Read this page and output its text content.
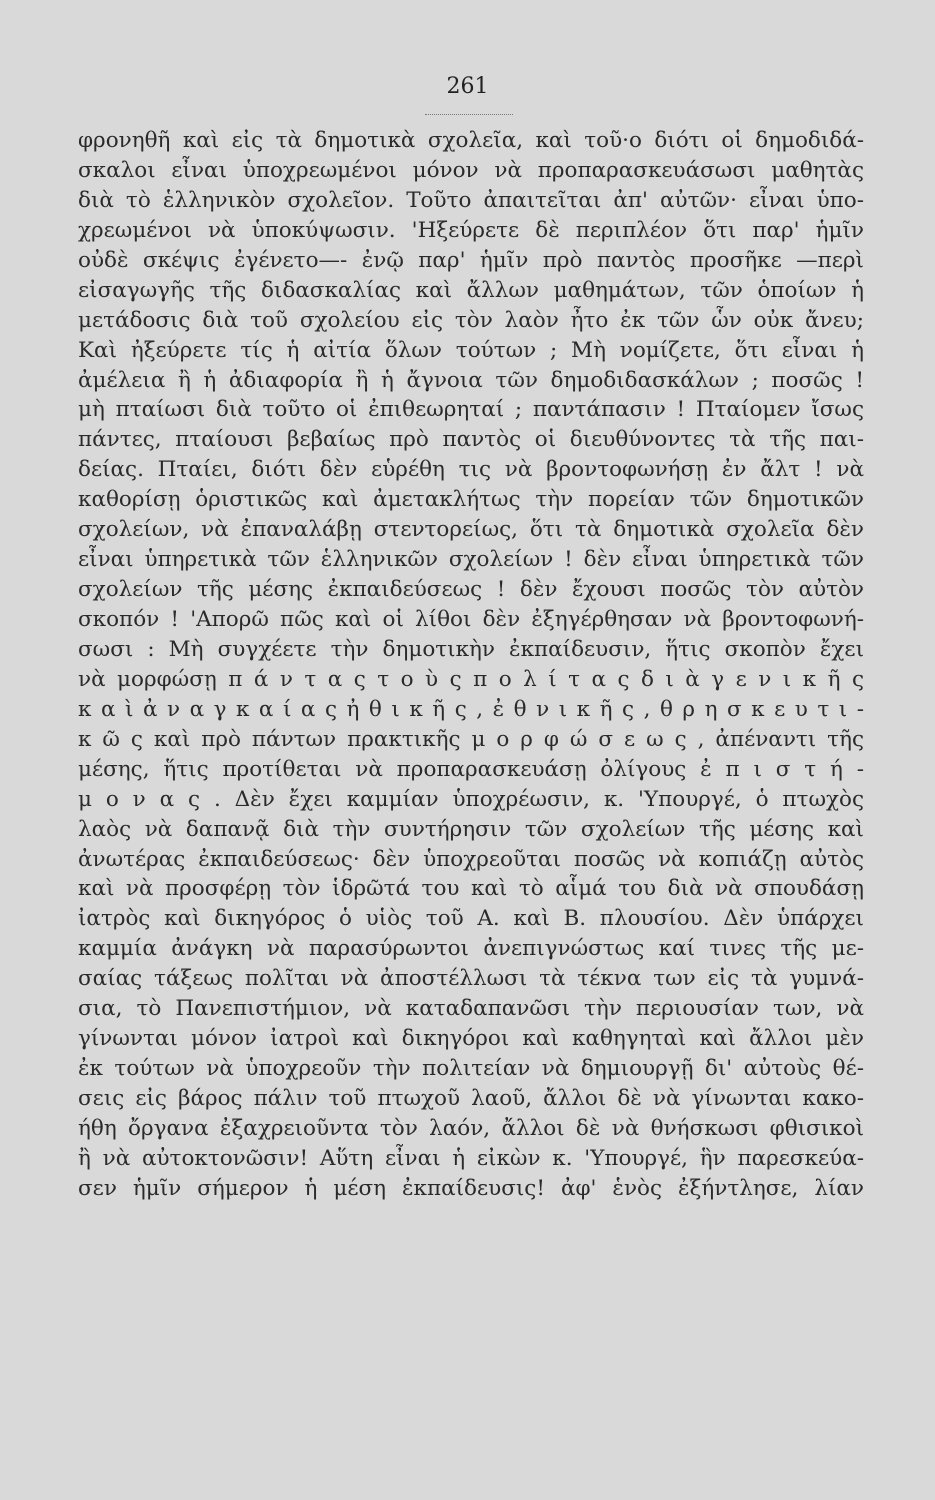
261
φρονηθῆ καὶ εἰς τὰ δημοτικὰ σχολεῖα, καὶ τοῦ·ο διότι οἱ δημοδιδά-
σκαλοι εἶναι ὑποχρεωμένοι μόνον νὰ προπαρασκευάσωσι μαθητὰς
διὰ τὸ ἑλληνικὸν σχολεῖον. Τοῦτο ἀπαιτεῖται ἀπ' αὐτῶν· εἶναι ὑπο-
χρεωμένοι νὰ ὑποκύψωσιν. 'Ηξεύρετε δὲ περιπλέον ὅτι παρ' ἡμῖν
οὐδὲ σκέψις ἐγένετο—- ἐνῷ παρ' ἡμῖν πρὸ παντὸς προσῆκε —περὶ
εἰσαγωγῆς τῆς διδασκαλίας καὶ ἄλλων μαθημάτων, τῶν ὁποίων ἡ
μετάδοσις διὰ τοῦ σχολείου εἰς τὸν λαὸν ἦτο ἐκ τῶν ὧν οὐκ ἄνευ;
Καὶ ἠξεύρετε τίς ἡ αἰτία ὅλων τούτων ; Μὴ νομίζετε, ὅτι εἶναι ἡ
ἀμέλεια ἢ ἡ ἀδιαφορία ἢ ἡ ἄγνοια τῶν δημοδιδασκάλων ; ποσῶς !
μὴ πταίωσι διὰ τοῦτο οἱ ἐπιθεωρηταί ; παντάπασιν ! Πταίομεν ἴσως
πάντες, πταίουσι βεβαίως πρὸ παντὸς οἱ διευθύνοντες τὰ τῆς παι-
δείας. Πταίει, διότι δὲν εὑρέθη τις νὰ βροντοφωνήσῃ ἐν ἄλτ ! νὰ
καθορίσῃ ὁριστικῶς καὶ ἀμετακλήτως τὴν πορείαν τῶν δημοτικῶν
σχολείων, νὰ ἐπαναλάβῃ στεντορείως, ὅτι τὰ δημοτικὰ σχολεῖα δὲν
εἶναι ὑπηρετικὰ τῶν ἑλληνικῶν σχολείων ! δὲν εἶναι ὑπηρετικὰ τῶν
σχολείων τῆς μέσης ἐκπαιδεύσεως ! δὲν ἔχουσι ποσῶς τὸν αὐτὸν
σκοπόν ! 'Απορῶ πῶς καὶ οἱ λίθοι δὲν ἐξηγέρθησαν νὰ βροντοφωνή-
σωσι : Μὴ συγχέετε τὴν δημοτικὴν ἐκπαίδευσιν, ἥτις σκοπὸν ἔχει
νὰ μορφώσῃ π ά ν τ α ς τ ο ὺ ς π ο λ ί τ α ς δ ι ὰ γ ε ν ι κ ῆ ς
κ α ὶ ἀ ν α γ κ α ί α ς ἠ θ ι κ ῆ ς , ἐ θ ν ι κ ῆ ς , θ ρ η σ κ ε υ τ ι -
κ ῶ ς καὶ πρὸ πάντων πρακτικῆς μ ο ρ φ ώ σ ε ω ς , ἀπέναντι τῆς
μέσης, ἥτις προτίθεται νὰ προπαρασκευάσῃ ὀλίγους ἐ π ι σ τ ή -
μ ο ν α ς . Δὲν ἔχει καμμίαν ὑποχρέωσιν, κ. 'Υπουργέ, ὁ πτωχὸς
λαὸς νὰ δαπανᾷ διὰ τὴν συντήρησιν τῶν σχολείων τῆς μέσης καὶ
ἀνωτέρας ἐκπαιδεύσεως· δὲν ὑποχρεοῦται ποσῶς νὰ κοπιάζῃ αὐτὸς
καὶ νὰ προσφέρῃ τὸν ἱδρῶτά του καὶ τὸ αἷμά του διὰ νὰ σπουδάσῃ
ἰατρὸς καὶ δικηγόρος ὁ υἱὸς τοῦ Α. καὶ Β. πλουσίου. Δὲν ὑπάρχει
καμμία ἀνάγκη νὰ παρασύρωντοι ἀνεπιγνώστως καί τινες τῆς με-
σαίας τάξεως πολῖται νὰ ἀποστέλλωσι τὰ τέκνα των εἰς τὰ γυμνά-
σια, τὸ Πανεπιστήμιον, νὰ καταδαπανῶσι τὴν περιουσίαν των, νὰ
γίνωνται μόνον ἰατροὶ καὶ δικηγόροι καὶ καθηγηταὶ καὶ ἄλλοι μὲν
ἐκ τούτων νὰ ὑποχρεοῦν τὴν πολιτείαν νὰ δημιουργῇ δι' αὐτοὺς θέ-
σεις εἰς βάρος πάλιν τοῦ πτωχοῦ λαοῦ, ἄλλοι δὲ νὰ γίνωνται κακο-
ήθη ὄργανα ἐξαχρειοῦντα τὸν λαόν, ἄλλοι δὲ νὰ θνήσκωσι φθισικοὶ
ἢ νὰ αὐτοκτονῶσιν! Αὕτη εἶναι ἡ εἰκὼν κ. 'Υπουργέ, ἣν παρεσκεύα-
σεν ἡμῖν σήμερον ἡ μέση ἐκπαίδευσις! ἀφ' ἑνὸς ἐξήντλησε, λίαν
